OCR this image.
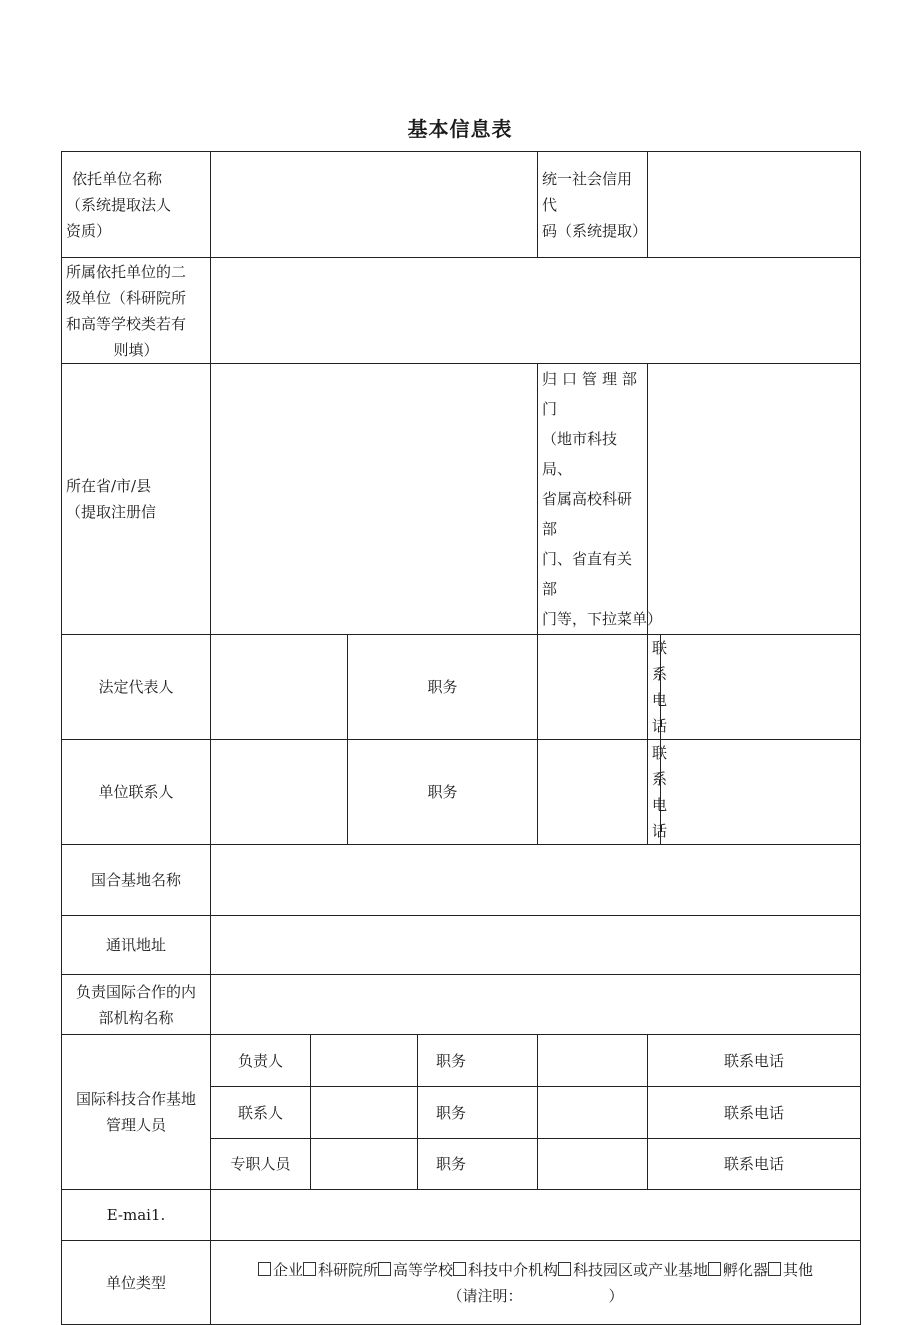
基本信息表
依托单位名称
（系统提取法人
资质）					统一社会信用代
码（系统提取）		

所属依托单位的二
级单位（科研院所
和高等学校类若有
则填）							

所在省/市/县
（提取注册信					归口管理部门
（地市科技局、
省属高校科研部
门、省直有关部
门等，下拉菜单）		

法定代表人			职务			联系电话	
单位联系人			职务			联系电话	
国合基地名称							
通讯地址							

负责国际合作的内
部机构名称							

国际科技合作基地
管理人员	负责人			职务		联系电话
	联系人			职务		联系电话
	专职人员			职务		联系电话
E-mai1.							
单位类型	企业 科研院所 高等学校 科技中介机构 科技园区或产业基地 孵化器 其他
（请注明： ）						
